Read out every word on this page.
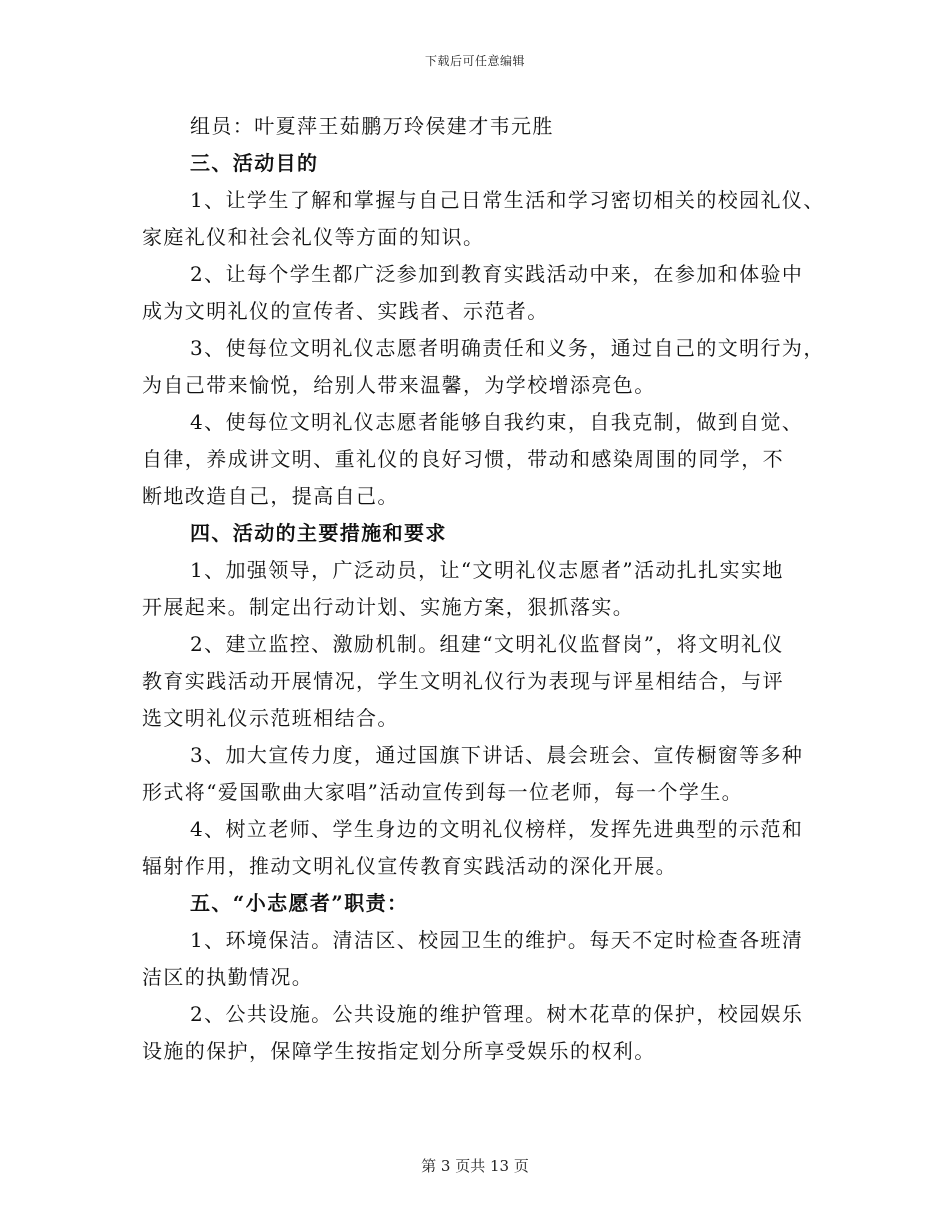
下载后可任意编辑

组员：叶夏萍王茹鹏万玲侯建才韦元胜

三、活动目的

1、让学生了解和掌握与自己日常生活和学习密切相关的校园礼仪、

家庭礼仪和社会礼仪等方面的知识。

2、让每个学生都广泛参加到教育实践活动中来，在参加和体验中

成为文明礼仪的宣传者、实践者、示范者。

3、使每位文明礼仪志愿者明确责任和义务，通过自己的文明行为，

为自己带来愉悦，给别人带来温馨，为学校增添亮色。

4、使每位文明礼仪志愿者能够自我约束，自我克制，做到自觉、

自律，养成讲文明、重礼仪的良好习惯，带动和感染周围的同学，不

断地改造自己，提高自己。

四、活动的主要措施和要求

1、加强领导，广泛动员，让“文明礼仪志愿者”活动扎扎实实地

开展起来。制定出行动计划、实施方案，狠抓落实。

2、建立监控、激励机制。组建“文明礼仪监督岗”，将文明礼仪

教育实践活动开展情况，学生文明礼仪行为表现与评星相结合，与评

选文明礼仪示范班相结合。

3、加大宣传力度，通过国旗下讲话、晨会班会、宣传橱窗等多种

形式将“爱国歌曲大家唱”活动宣传到每一位老师，每一个学生。

4、树立老师、学生身边的文明礼仪榜样，发挥先进典型的示范和

辐射作用，推动文明礼仪宣传教育实践活动的深化开展。

五、“小志愿者”职责：

1、环境保洁。清洁区、校园卫生的维护。每天不定时检查各班清

洁区的执勤情况。

2、公共设施。公共设施的维护管理。树木花草的保护，校园娱乐

设施的保护，保障学生按指定划分所享受娱乐的权利。

第 3 页共 13 页
